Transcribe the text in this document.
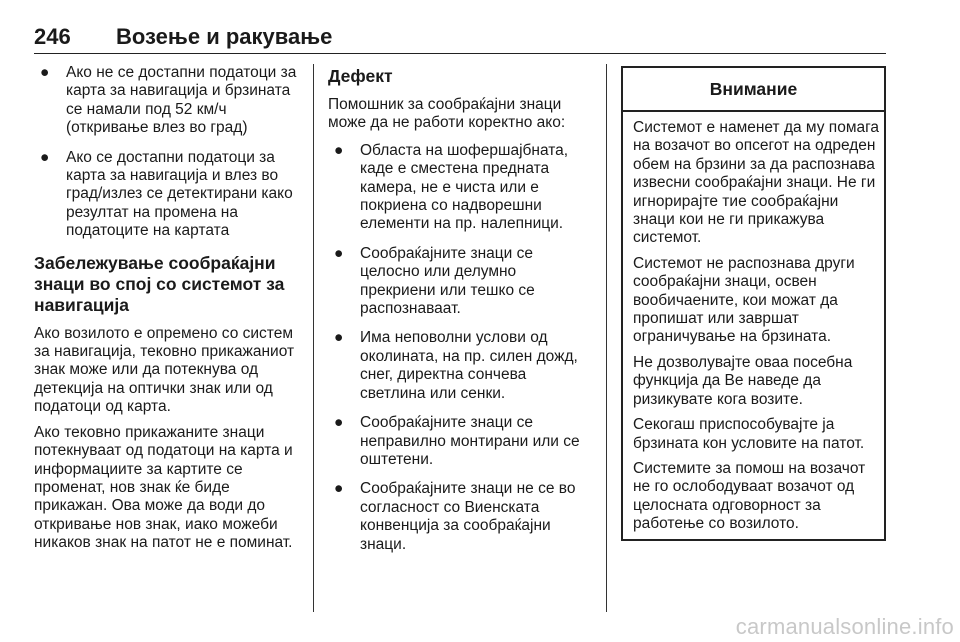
246 Возење и ракување
● Ако не се достапни податоци за карта за навигација и брзината се намали под 52 км/ч (откривање влез во град)
● Ако се достапни податоци за карта за навигација и влез во град/излез се детектирани како резултат на промена на податоците на картата
Забележување сообраќајни знаци во спој со системот за навигација

Ако возилото е опремено со систем за навигација, тековно прикажаниот знак може или да потекнува од детекција на оптички знак или од податоци од карта.

Ако тековно прикажаните знаци потекнуваат од податоци на карта и информациите за картите се променат, нов знак ќе биде прикажан. Ова може да води до откривање нов знак, иако можеби никаков знак на патот не е поминат.

Дефект

Помошник за сообраќајни знаци може да не работи коректно ако:

● Областа на шофершајбната, каде е сместена предната камера, не е чиста или е покриена со надворешни елементи на пр. налепници.
● Сообраќајните знаци се целосно или делумно прекриени или тешко се распознаваат.
● Има неповолни услови од околината, на пр. силен дожд, снег, директна сончева светлина или сенки.
● Сообраќајните знаци се неправилно монтирани или се оштетени.
● Сообраќајните знаци не се во согласност со Виенската конвенција за сообраќајни знаци.
Внимание

Системот е наменет да му помага на возачот во опсегот на одреден обем на брзини за да распознава извесни сообраќајни знаци. Не ги игнорирајте тие сообраќајни знаци кои не ги прикажува системот.

Системот не распознава други сообраќајни знаци, освен вообичаените, кои можат да пропишат или завршат ограничување на брзината.

Не дозволувајте оваа посебна функција да Ве наведе да ризикувате кога возите.

Секогаш приспособувајте ја брзината кон условите на патот.

Системите за помош на возачот не го ослободуваат возачот од целосната одговорност за работење со возилото.

carmanualsonline.info
